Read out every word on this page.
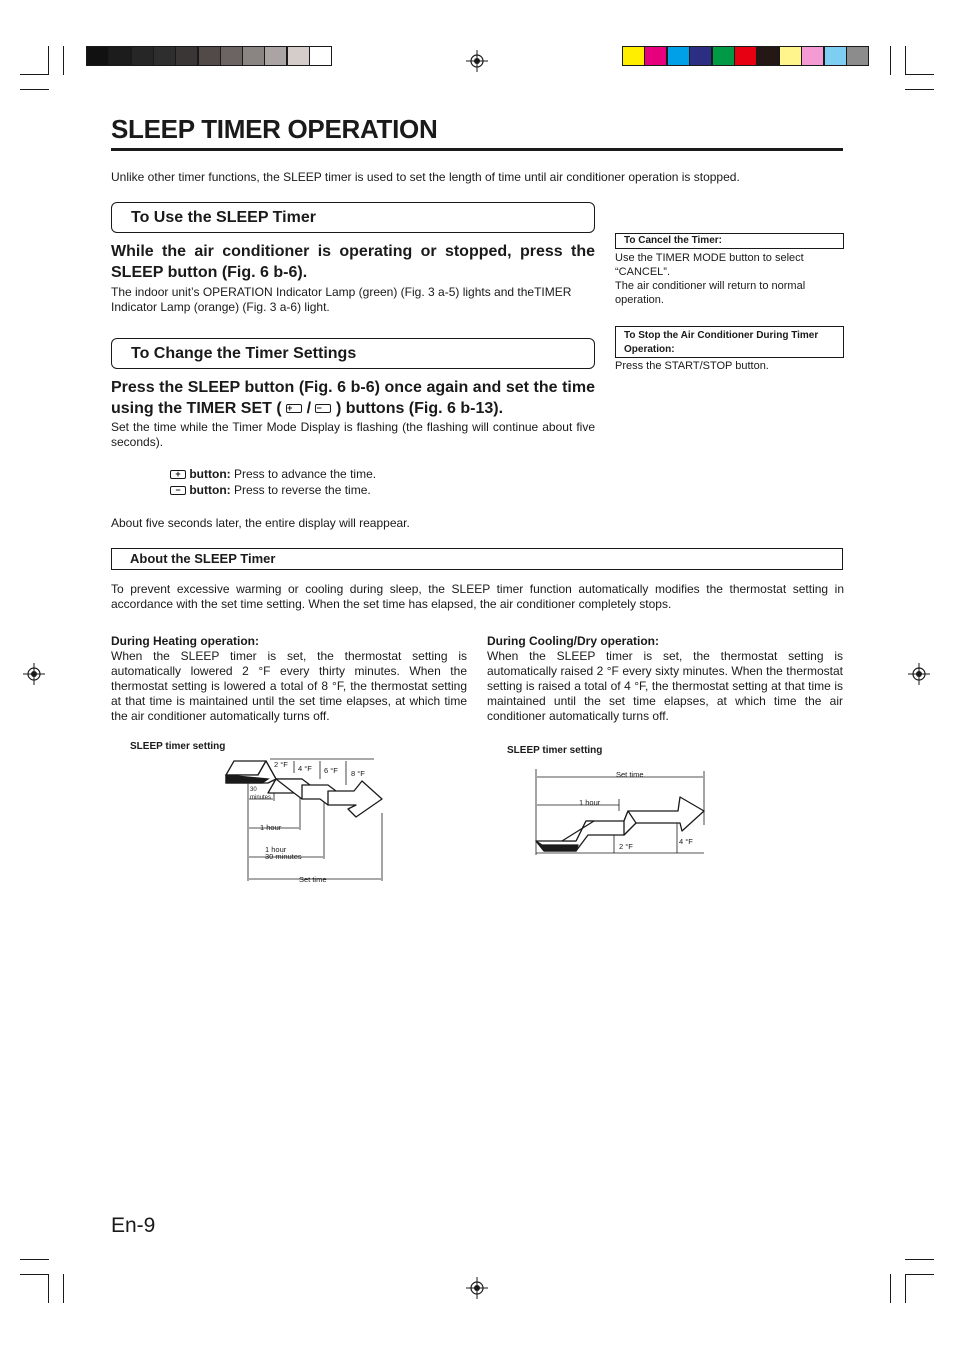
SLEEP TIMER OPERATION
Unlike other timer functions, the SLEEP timer is used to set the length of time until air conditioner operation is stopped.
To Use the SLEEP Timer
While the air conditioner is operating or stopped, press the SLEEP button (Fig. 6 b-6).
The indoor unit’s OPERATION Indicator Lamp (green) (Fig. 3 a-5) lights and theTIMER Indicator Lamp (orange) (Fig. 3 a-6) light.
To Change the Timer Settings
Press the SLEEP button (Fig. 6 b-6) once again and set the time using the TIMER SET ( + / − ) buttons (Fig. 6 b-13).
Set the time while the Timer Mode Display is flashing (the flashing will continue about five seconds).
+ button: Press to advance the time.
− button: Press to reverse the time.
About five seconds later, the entire display will reappear.
To Cancel the Timer:
Use the TIMER MODE button to select “CANCEL”.
The air conditioner will return to normal operation.
To Stop the Air Conditioner During Timer Operation:
Press the START/STOP button.
About the SLEEP Timer
To prevent excessive warming or cooling during sleep, the SLEEP timer function automatically modifies the thermostat setting in accordance with the set time setting. When the set time has elapsed, the air conditioner completely stops.
During Heating operation:
When the SLEEP timer is set, the thermostat setting is automatically lowered 2 °F every thirty minutes. When the thermostat setting is lowered a total of 8 °F, the thermostat setting at that time is maintained until the set time elapses, at which time the air conditioner automatically turns off.
During Cooling/Dry operation:
When the SLEEP timer is set, the thermostat setting is automatically raised 2 °F every sixty minutes. When the thermostat setting is raised a total of 4 °F, the thermostat setting at that time is maintained until the set time elapses, at which time the air conditioner automatically turns off.
SLEEP timer setting
2 °F 4 °F 6 °F 8 °F
30
minutes
1 hour
1 hour
30 minutes
Set time
SLEEP timer setting
Set time
1 hour
2 °F
4 °F
En-9
